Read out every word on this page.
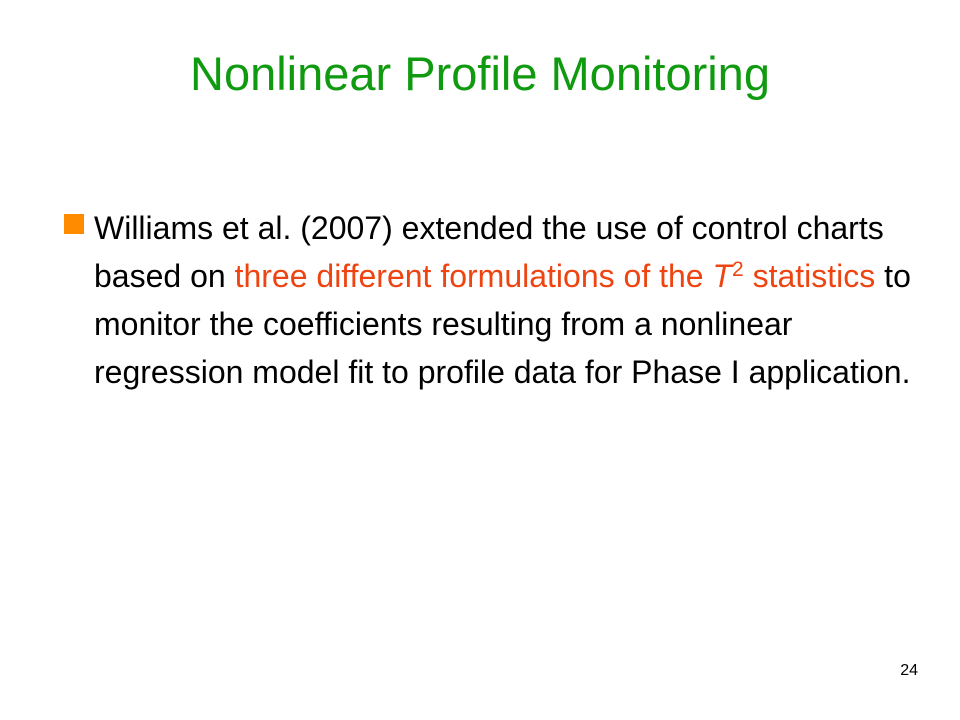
Nonlinear Profile Monitoring
Williams et al. (2007) extended the use of control charts based on three different formulations of the $T^2$ statistics to monitor the coefficients resulting from a nonlinear regression model fit to profile data for Phase I application.
24
